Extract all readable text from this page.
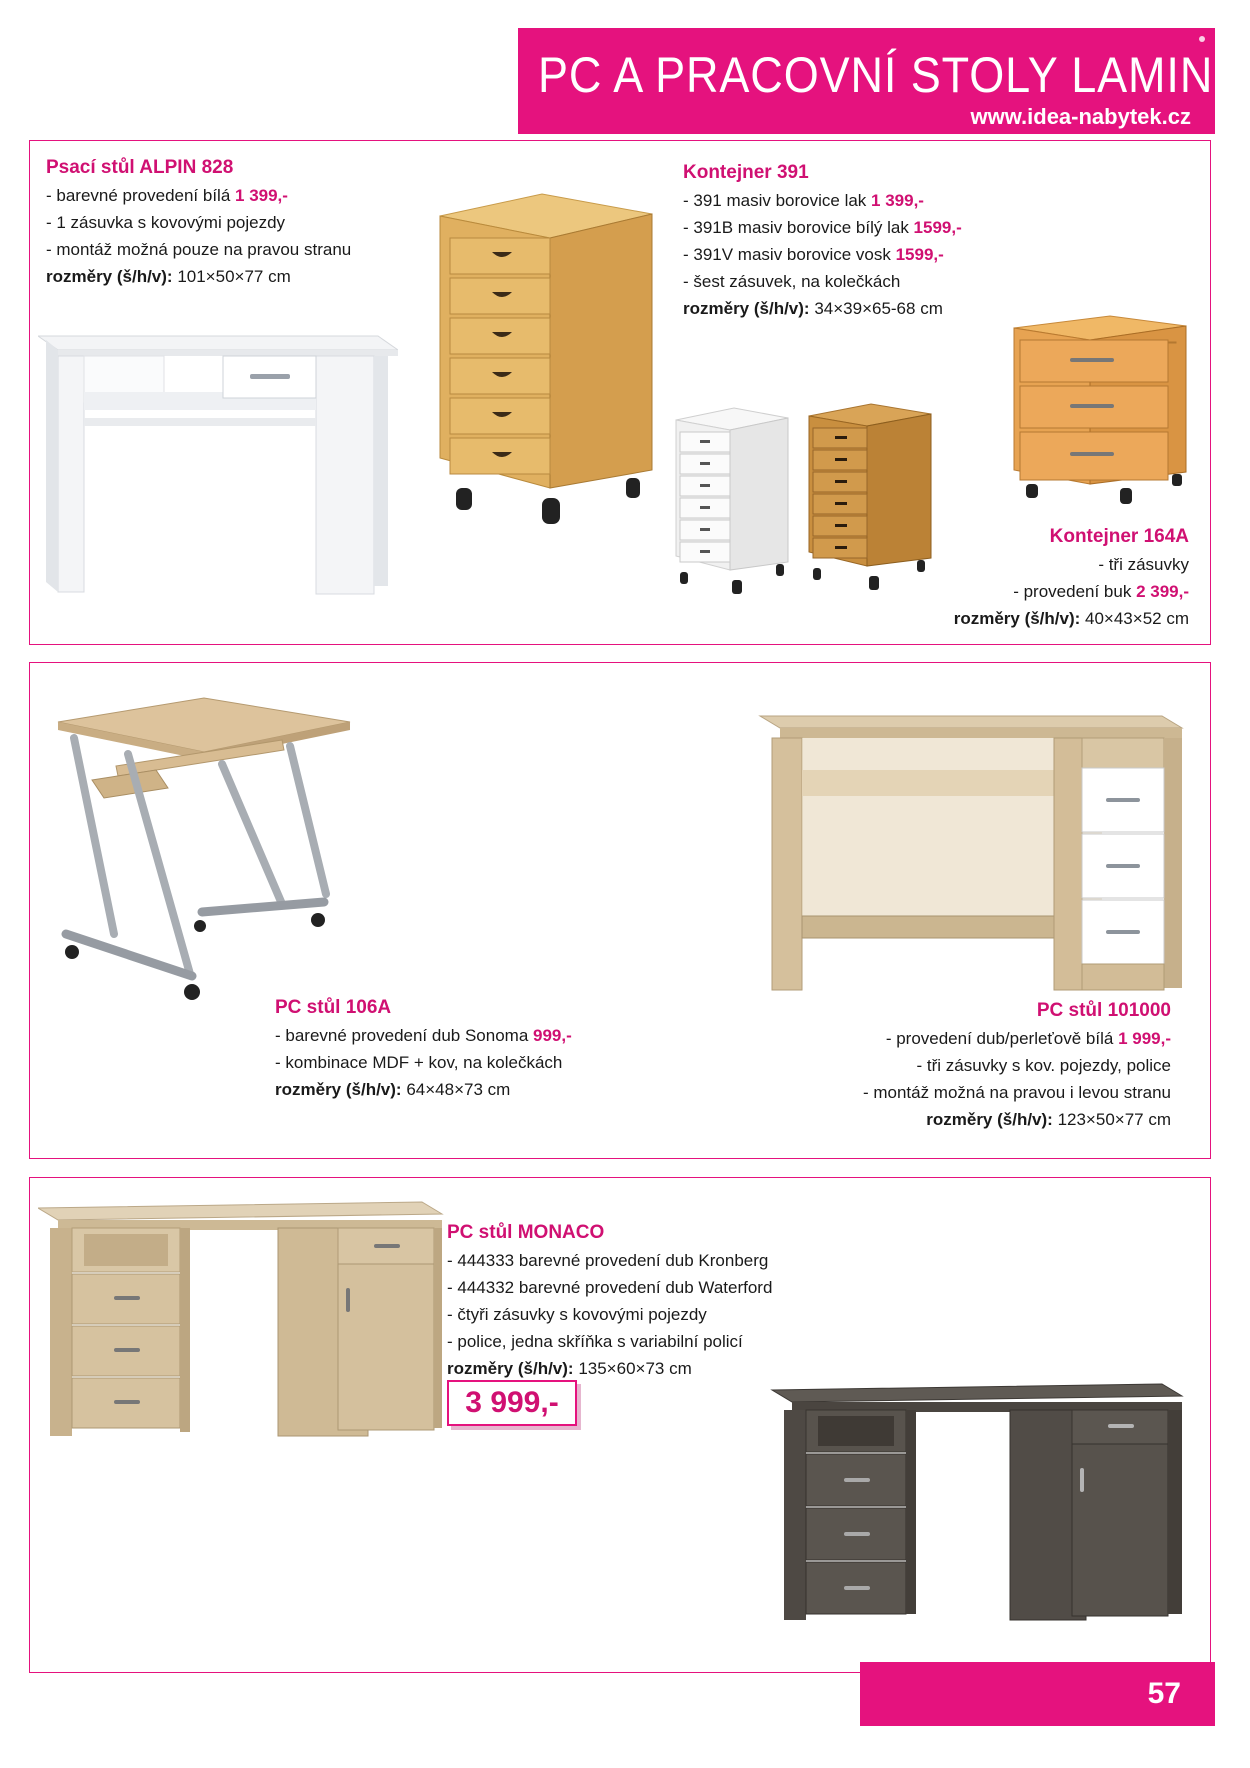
PC A PRACOVNÍ STOLY LAMINO
www.idea-nabytek.cz
Psací stůl ALPIN 828
- barevné provedení bílá 1 399,-
- 1 zásuvka s kovovými pojezdy
- montáž možná pouze na pravou stranu
rozměry (š/h/v): 101×50×77 cm
Kontejner 391
- 391 masiv borovice lak 1 399,-
- 391B masiv borovice bílý lak 1599,-
- 391V masiv borovice vosk 1599,-
- šest zásuvek, na kolečkách
rozměry (š/h/v): 34×39×65-68 cm
Kontejner 164A
- tři zásuvky
- provedení buk 2 399,-
rozměry (š/h/v): 40×43×52 cm
PC stůl 106A
- barevné provedení dub Sonoma 999,-
- kombinace MDF + kov, na kolečkách
rozměry (š/h/v): 64×48×73 cm
PC stůl 101000
- provedení dub/perleťově bílá 1 999,-
- tři zásuvky s kov. pojezdy, police
- montáž možná na pravou i levou stranu
rozměry (š/h/v): 123×50×77 cm
PC stůl MONACO
- 444333 barevné provedení dub Kronberg
- 444332 barevné provedení dub Waterford
- čtyři zásuvky s kovovými pojezdy
- police, jedna skříňka s variabilní policí
rozměry (š/h/v): 135×60×73 cm
3 999,-
57
